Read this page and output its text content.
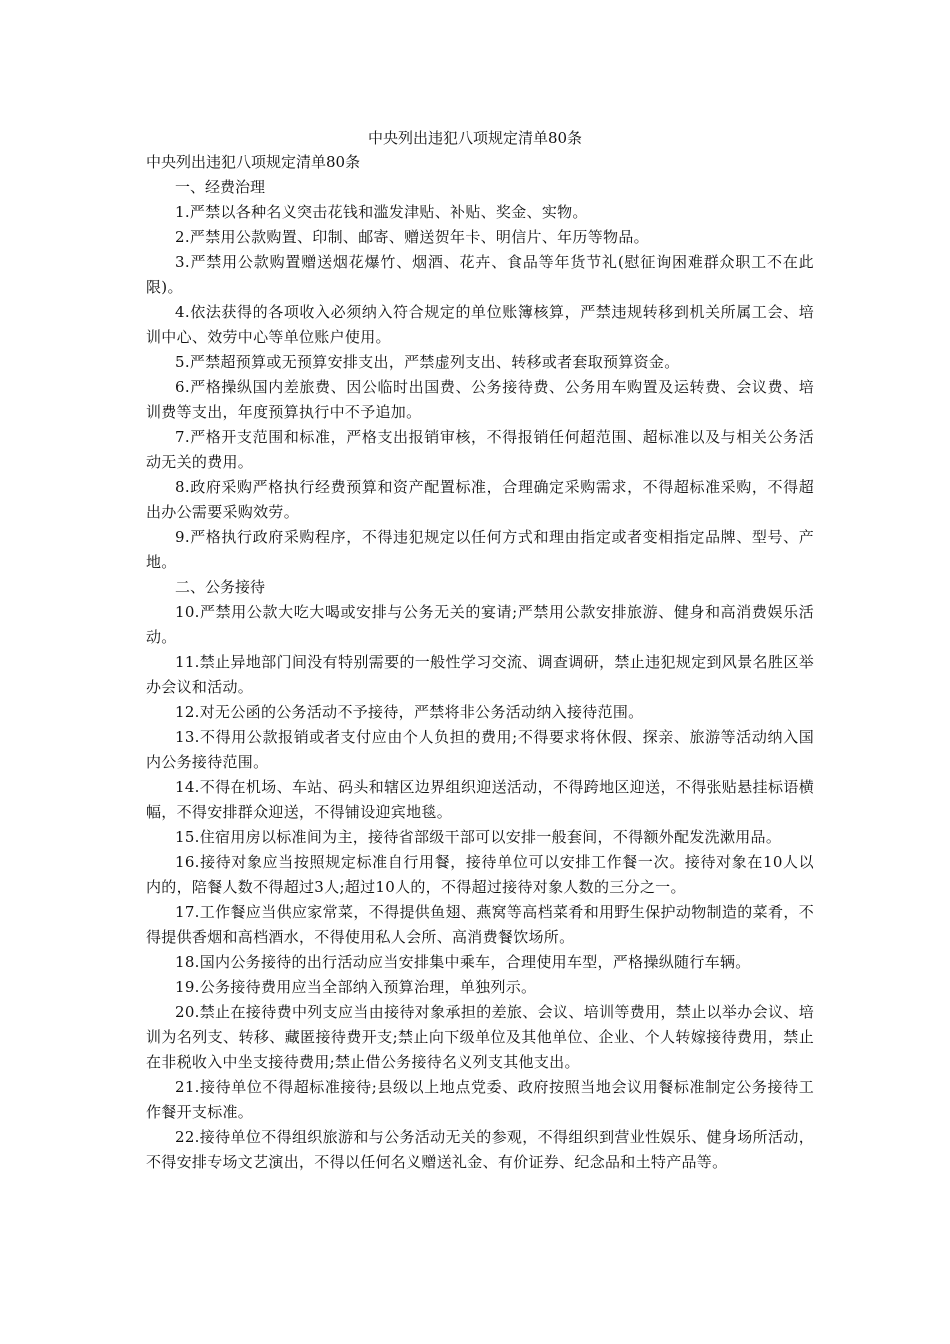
中央列出违犯八项规定清单80条

中央列出违犯八项规定清单80条

一、经费治理

1.严禁以各种名义突击花钱和滥发津贴、补贴、奖金、实物。

2.严禁用公款购置、印制、邮寄、赠送贺年卡、明信片、年历等物品。

3.严禁用公款购置赠送烟花爆竹、烟酒、花卉、食品等年货节礼(慰征询困难群众职工不在此限)。

4.依法获得的各项收入必须纳入符合规定的单位账簿核算，严禁违规转移到机关所属工会、培训中心、效劳中心等单位账户使用。

5.严禁超预算或无预算安排支出，严禁虚列支出、转移或者套取预算资金。

6.严格操纵国内差旅费、因公临时出国费、公务接待费、公务用车购置及运转费、会议费、培训费等支出，年度预算执行中不予追加。

7.严格开支范围和标准，严格支出报销审核，不得报销任何超范围、超标准以及与相关公务活动无关的费用。

8.政府采购严格执行经费预算和资产配置标准，合理确定采购需求，不得超标准采购，不得超出办公需要采购效劳。

9.严格执行政府采购程序，不得违犯规定以任何方式和理由指定或者变相指定品牌、型号、产地。

二、公务接待

10.严禁用公款大吃大喝或安排与公务无关的宴请;严禁用公款安排旅游、健身和高消费娱乐活动。

11.禁止异地部门间没有特别需要的一般性学习交流、调查调研，禁止违犯规定到风景名胜区举办会议和活动。

12.对无公函的公务活动不予接待，严禁将非公务活动纳入接待范围。

13.不得用公款报销或者支付应由个人负担的费用;不得要求将休假、探亲、旅游等活动纳入国内公务接待范围。

14.不得在机场、车站、码头和辖区边界组织迎送活动，不得跨地区迎送，不得张贴悬挂标语横幅，不得安排群众迎送，不得铺设迎宾地毯。

15.住宿用房以标准间为主，接待省部级干部可以安排一般套间，不得额外配发洗漱用品。

16.接待对象应当按照规定标准自行用餐，接待单位可以安排工作餐一次。接待对象在10人以内的，陪餐人数不得超过3人;超过10人的，不得超过接待对象人数的三分之一。

17.工作餐应当供应家常菜，不得提供鱼翅、燕窝等高档菜肴和用野生保护动物制造的菜肴，不得提供香烟和高档酒水，不得使用私人会所、高消费餐饮场所。

18.国内公务接待的出行活动应当安排集中乘车，合理使用车型，严格操纵随行车辆。

19.公务接待费用应当全部纳入预算治理，单独列示。

20.禁止在接待费中列支应当由接待对象承担的差旅、会议、培训等费用，禁止以举办会议、培训为名列支、转移、藏匿接待费开支;禁止向下级单位及其他单位、企业、个人转嫁接待费用，禁止在非税收入中坐支接待费用;禁止借公务接待名义列支其他支出。

21.接待单位不得超标准接待;县级以上地点党委、政府按照当地会议用餐标准制定公务接待工作餐开支标准。

22.接待单位不得组织旅游和与公务活动无关的参观，不得组织到营业性娱乐、健身场所活动，不得安排专场文艺演出，不得以任何名义赠送礼金、有价证券、纪念品和土特产品等。
